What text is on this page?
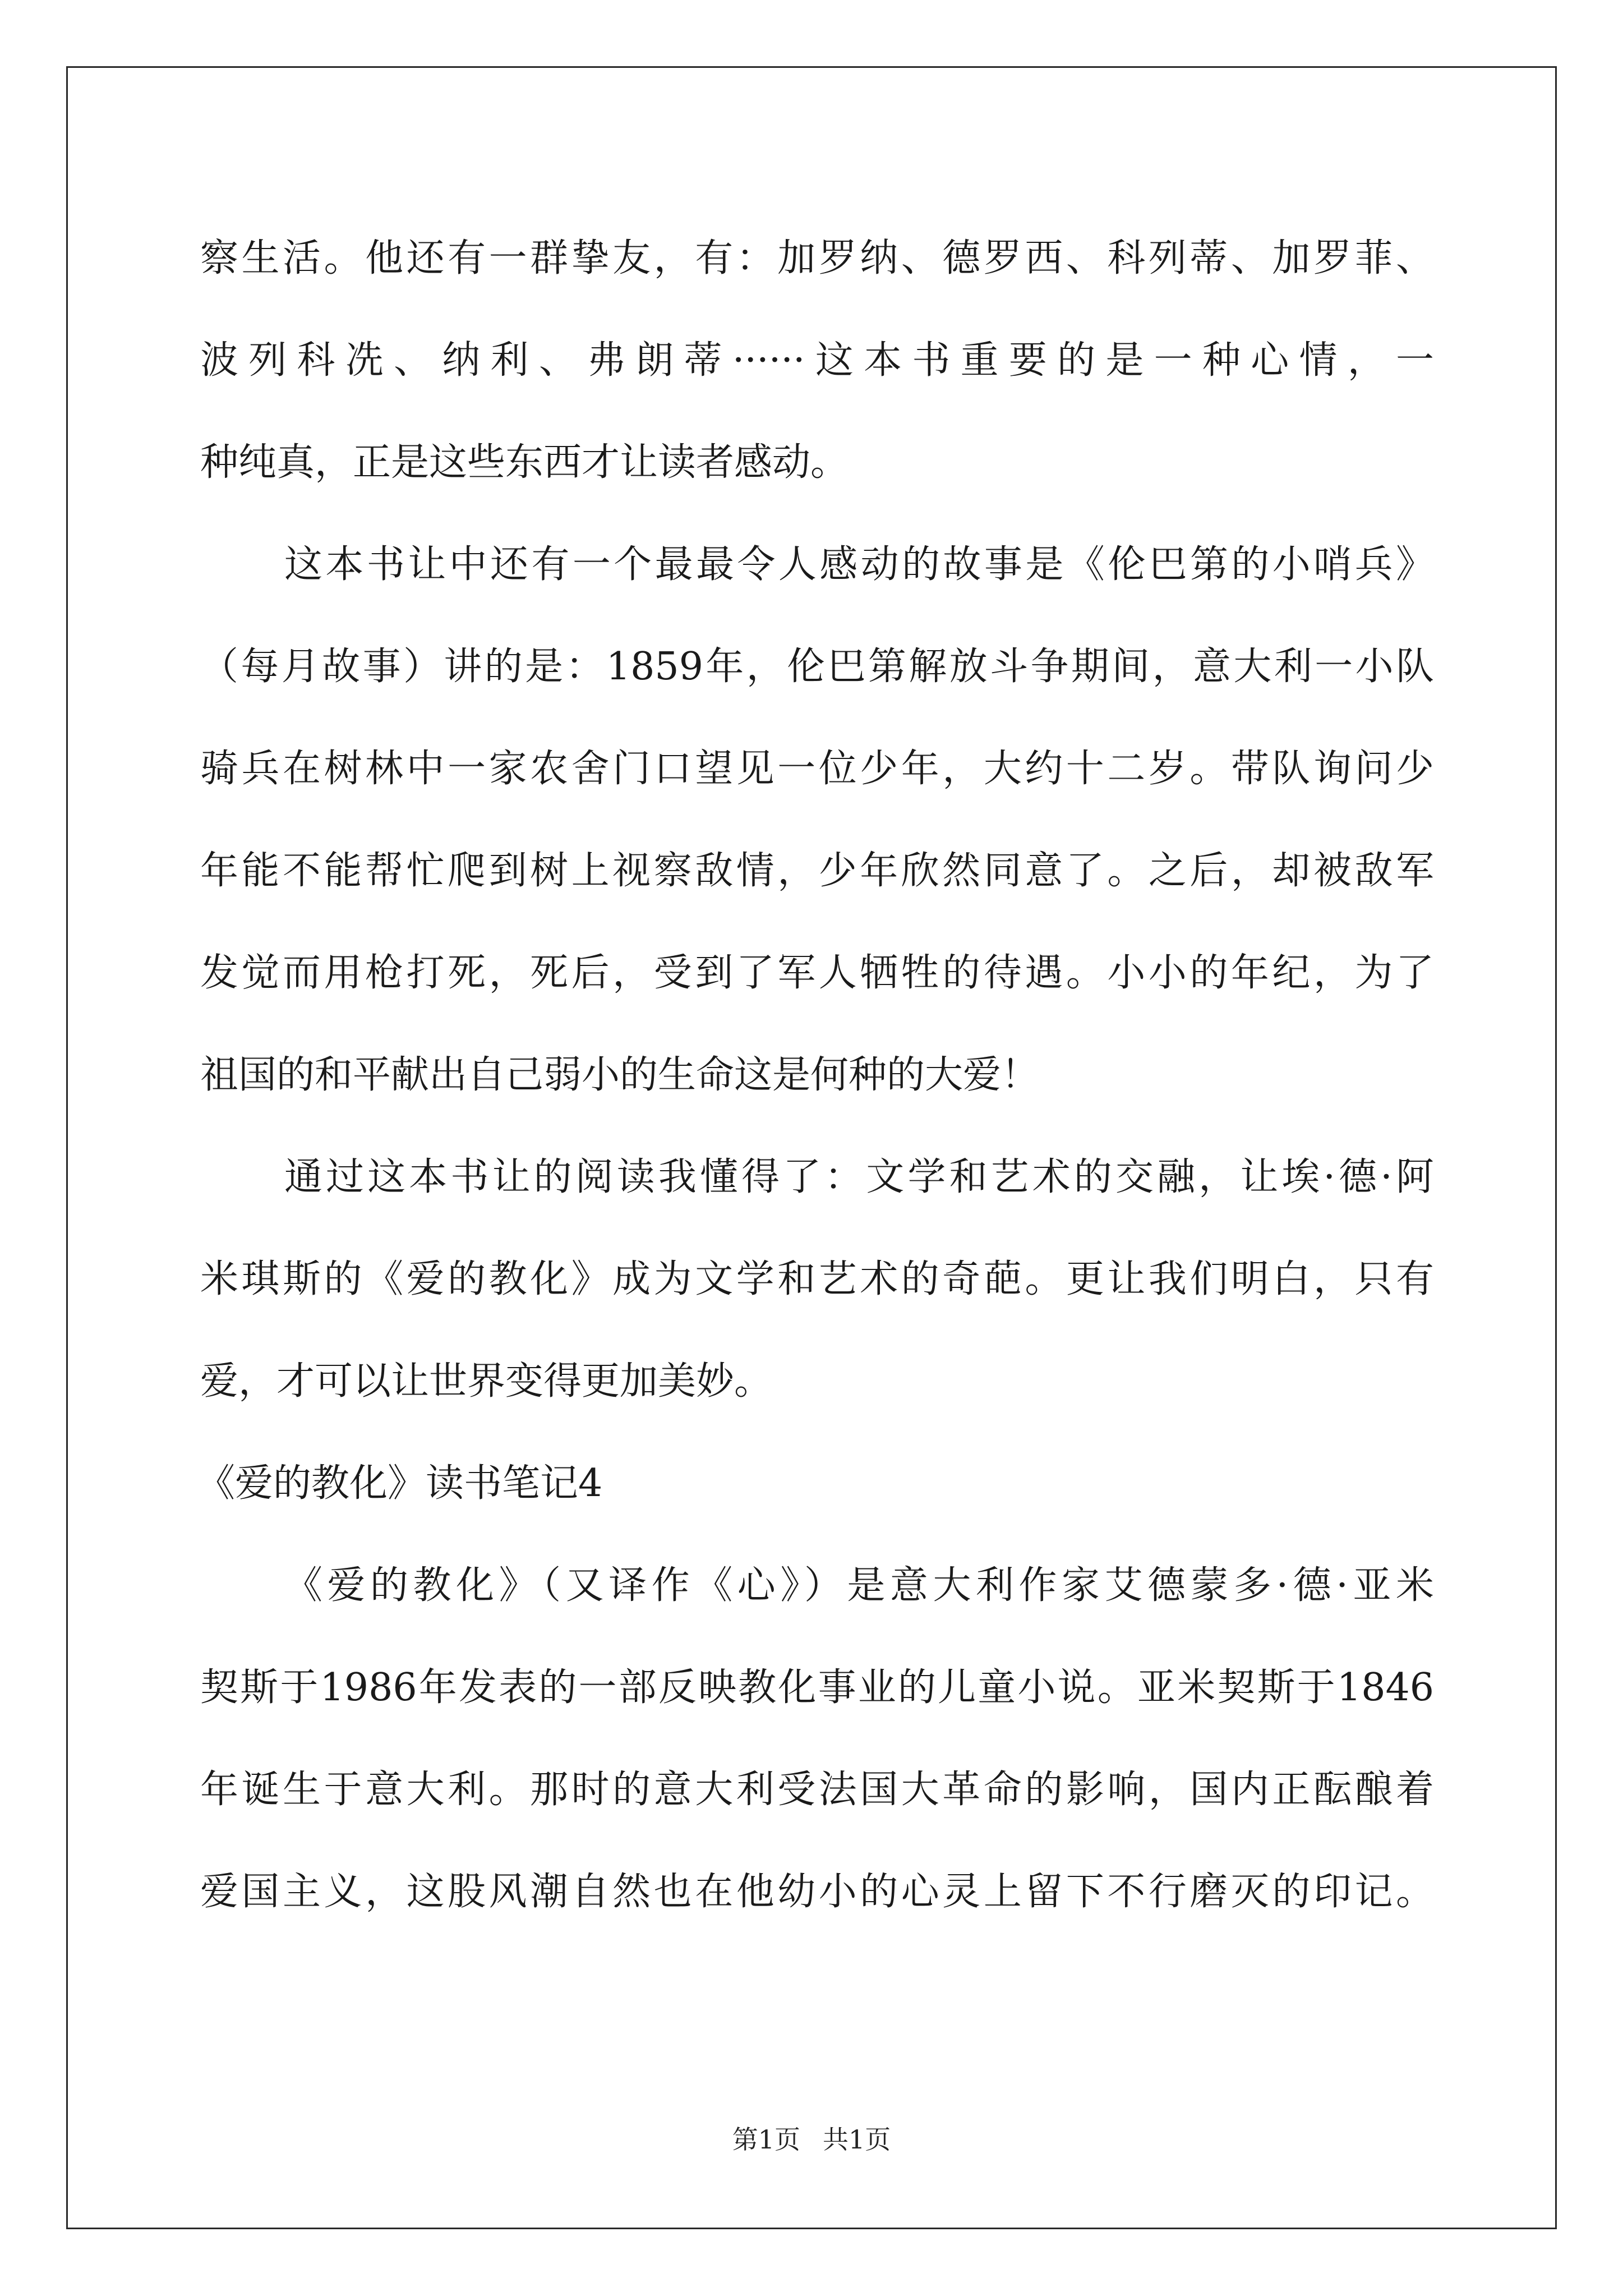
察生活。他还有一群挚友，有：加罗纳、德罗西、科列蒂、加罗菲、
波列科冼、纳利、弗朗蒂······这本书重要的是一种心情，一
种纯真，正是这些东西才让读者感动。
这本书让中还有一个最最令人感动的故事是《伦巴第的小哨兵》
（每月故事）讲的是：1859年，伦巴第解放斗争期间，意大利一小队
骑兵在树林中一家农舍门口望见一位少年，大约十二岁。带队询问少
年能不能帮忙爬到树上视察敌情，少年欣然同意了。之后，却被敌军
发觉而用枪打死，死后，受到了军人牺牲的待遇。小小的年纪，为了
祖国的和平献出自己弱小的生命这是何种的大爱！
通过这本书让的阅读我懂得了：文学和艺术的交融，让埃·德·阿
米琪斯的《爱的教化》成为文学和艺术的奇葩。更让我们明白，只有
爱，才可以让世界变得更加美妙。
《爱的教化》读书笔记4
《爱的教化》（又译作《心》）是意大利作家艾德蒙多·德·亚米
契斯于1986年发表的一部反映教化事业的儿童小说。亚米契斯于1846
年诞生于意大利。那时的意大利受法国大革命的影响，国内正酝酿着
爱国主义，这股风潮自然也在他幼小的心灵上留下不行磨灭的印记。
第1页 共1页
